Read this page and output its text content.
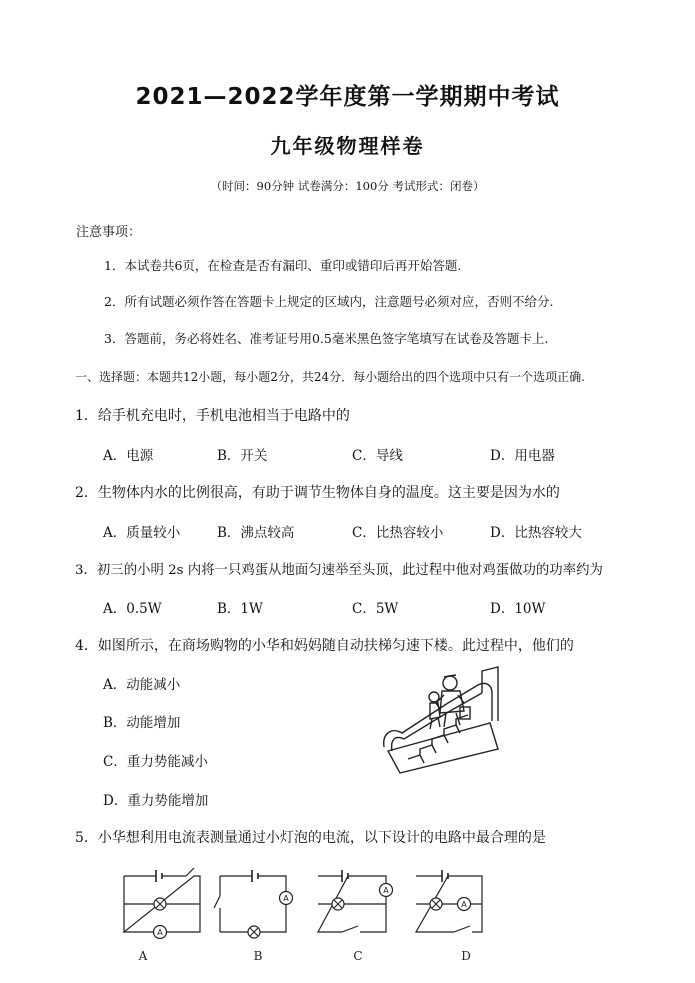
2021—2022学年度第一学期期中考试
九年级物理样卷
（时间：90分钟 试卷满分：100分 考试形式：闭卷）
注意事项：
1．本试卷共6页，在检查是否有漏印、重印或错印后再开始答题.
2．所有试题必须作答在答题卡上规定的区域内，注意题号必须对应，否则不给分.
3．答题前，务必将姓名、准考证号用0.5毫米黑色签字笔填写在试卷及答题卡上.
一、选择题：本题共12小题，每小题2分，共24分．每小题给出的四个选项中只有一个选项正确.
1．给手机充电时，手机电池相当于电路中的
A．电源	B．开关	C．导线	D．用电器
2．生物体内水的比例很高，有助于调节生物体自身的温度。这主要是因为水的
A．质量较小	B．沸点较高	C．比热容较小	D．比热容较大
3．初三的小明 2s 内将一只鸡蛋从地面匀速举至头顶，此过程中他对鸡蛋做功的功率约为
A．0.5W	B．1W	C．5W	D．10W
4．如图所示，在商场购物的小华和妈妈随自动扶梯匀速下楼。此过程中，他们的
A．动能减小
B．动能增加
C．重力势能减小
D．重力势能增加
5．小华想利用电流表测量通过小灯泡的电流，以下设计的电路中最合理的是
A
A
A
A
A	B	C	D
